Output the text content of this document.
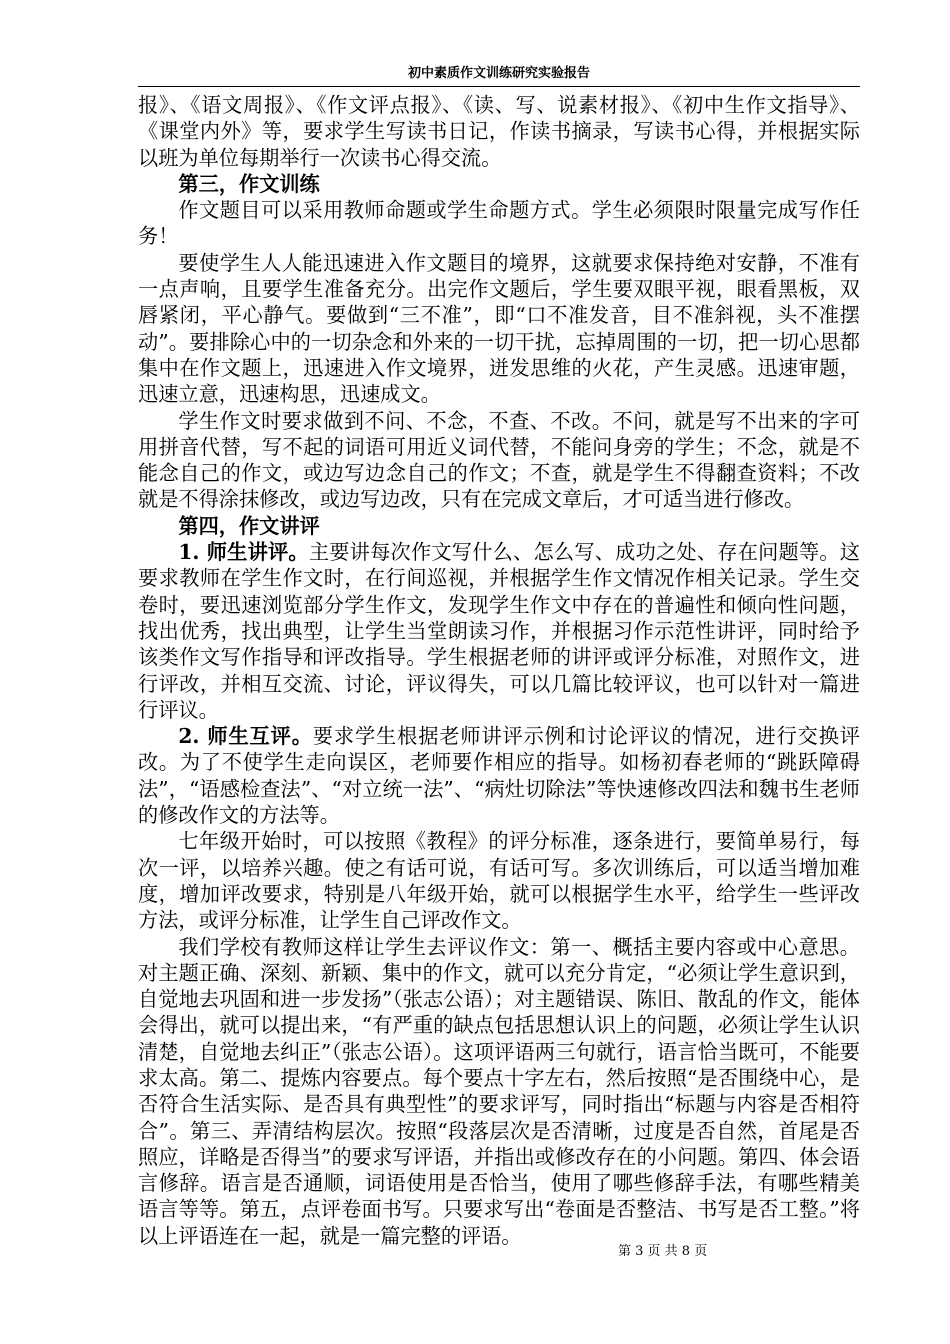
初中素质作文训练研究实验报告

报》、《语文周报》、《作文评点报》、《读、写、说素材报》、《初中生作文指导》、《课堂内外》等，要求学生写读书日记，作读书摘录，写读书心得，并根据实际以班为单位每期举行一次读书心得交流。

第三，作文训练

作文题目可以采用教师命题或学生命题方式。学生必须限时限量完成写作任务！

要使学生人人能迅速进入作文题目的境界，这就要求保持绝对安静，不准有一点声响，且要学生准备充分。出完作文题后，学生要双眼平视，眼看黑板，双唇紧闭，平心静气。要做到“三不准”，即“口不准发音，目不准斜视，头不准摆动”。要排除心中的一切杂念和外来的一切干扰，忘掉周围的一切，把一切心思都集中在作文题上，迅速进入作文境界，迸发思维的火花，产生灵感。迅速审题，迅速立意，迅速构思，迅速成文。

学生作文时要求做到不问、不念，不查、不改。不问，就是写不出来的字可用拼音代替，写不起的词语可用近义词代替，不能问身旁的学生；不念，就是不能念自己的作文，或边写边念自己的作文；不查，就是学生不得翻查资料；不改就是不得涂抹修改，或边写边改，只有在完成文章后，才可适当进行修改。

第四，作文讲评

1. 师生讲评。主要讲每次作文写什么、怎么写、成功之处、存在问题等。这要求教师在学生作文时，在行间巡视，并根据学生作文情况作相关记录。学生交卷时，要迅速浏览部分学生作文，发现学生作文中存在的普遍性和倾向性问题，找出优秀，找出典型，让学生当堂朗读习作，并根据习作示范性讲评，同时给予该类作文写作指导和评改指导。学生根据老师的讲评或评分标准，对照作文，进行评改，并相互交流、讨论，评议得失，可以几篇比较评议，也可以针对一篇进行评议。

2. 师生互评。要求学生根据老师讲评示例和讨论评议的情况，进行交换评改。为了不使学生走向误区，老师要作相应的指导。如杨初春老师的“跳跃障碍法”，“语感检查法”、“对立统一法”、“病灶切除法”等快速修改四法和魏书生老师的修改作文的方法等。

七年级开始时，可以按照《教程》的评分标准，逐条进行，要简单易行，每次一评，以培养兴趣。使之有话可说，有话可写。多次训练后，可以适当增加难度，增加评改要求，特别是八年级开始，就可以根据学生水平，给学生一些评改方法，或评分标准，让学生自己评改作文。

我们学校有教师这样让学生去评议作文：第一、概括主要内容或中心意思。对主题正确、深刻、新颖、集中的作文，就可以充分肯定，“必须让学生意识到，自觉地去巩固和进一步发扬”（张志公语）；对主题错误、陈旧、散乱的作文，能体会得出，就可以提出来，“有严重的缺点包括思想认识上的问题，必须让学生认识清楚，自觉地去纠正”（张志公语）。这项评语两三句就行，语言恰当既可，不能要求太高。第二、提炼内容要点。每个要点十字左右，然后按照“是否围绕中心，是否符合生活实际、是否具有典型性”的要求评写，同时指出“标题与内容是否相符合”。第三、弄清结构层次。按照“段落层次是否清晰，过度是否自然，首尾是否照应，详略是否得当”的要求写评语，并指出或修改存在的小问题。第四、体会语言修辞。语言是否通顺，词语使用是否恰当，使用了哪些修辞手法，有哪些精美语言等等。第五，点评卷面书写。只要求写出“卷面是否整洁、书写是否工整。”将以上评语连在一起，就是一篇完整的评语。

第 3 页 共 8 页
